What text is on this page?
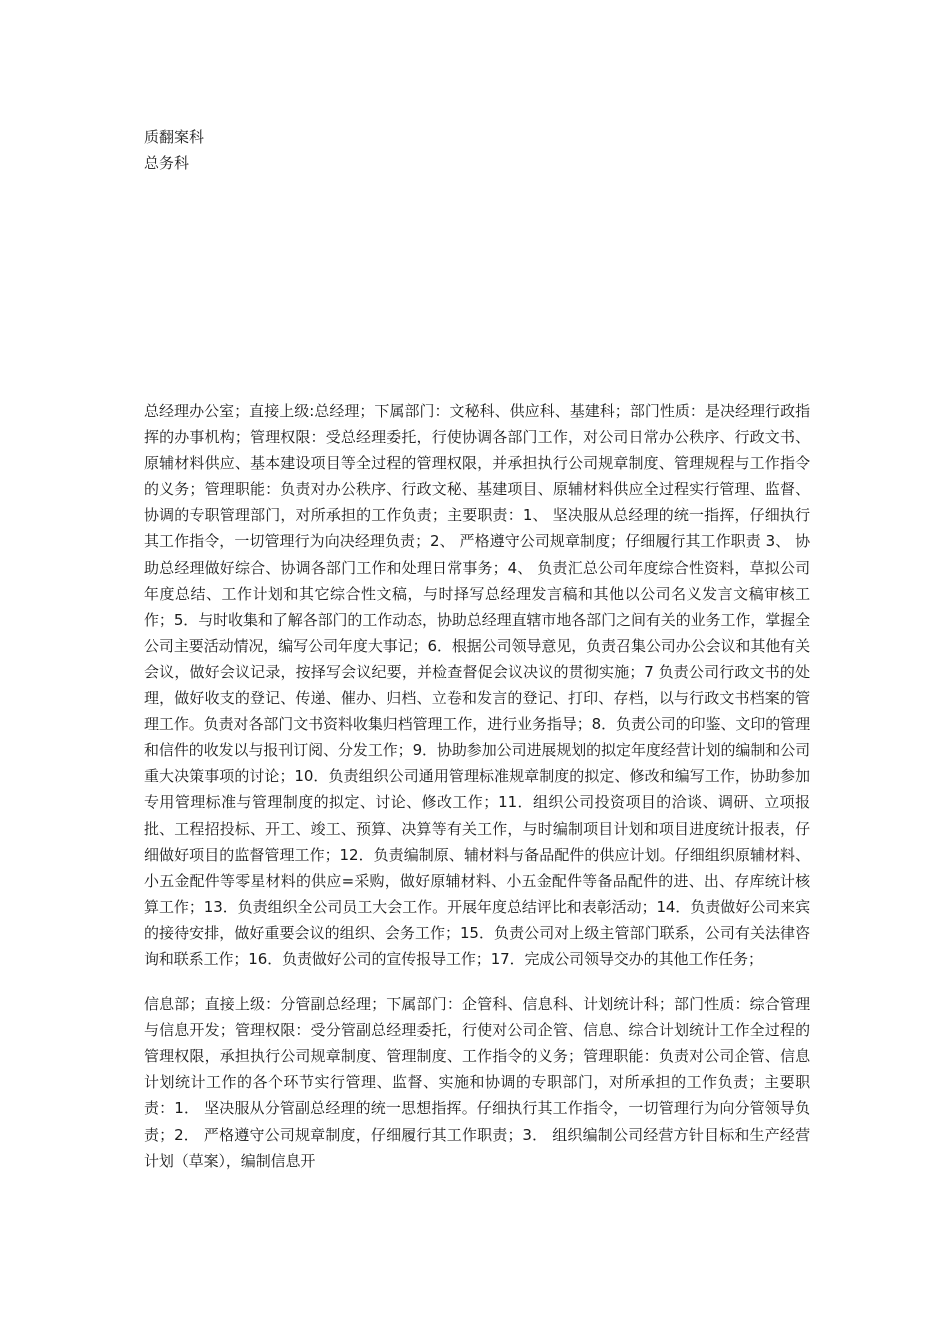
质翻案科
总务科

总经理办公室；直接上级:总经理；下属部门：文秘科、供应科、基建科；部门性质：是决经理行政指挥的办事机构；管理权限：受总经理委托，行使协调各部门工作，对公司日常办公秩序、行政文书、原辅材料供应、基本建设项目等全过程的管理权限，并承担执行公司规章制度、管理规程与工作指令的义务；管理职能：负责对办公秩序、行政文秘、基建项目、原辅材料供应全过程实行管理、监督、协调的专职管理部门，对所承担的工作负责；主要职责：1、 坚决服从总经理的统一指挥，仔细执行其工作指令，一切管理行为向决经理负责；2、 严格遵守公司规章制度；仔细履行其工作职责 3、 协助总经理做好综合、协调各部门工作和处理日常事务；4、 负责汇总公司年度综合性资料，草拟公司年度总结、工作计划和其它综合性文稿，与时择写总经理发言稿和其他以公司名义发言文稿审核工作；5．与时收集和了解各部门的工作动态，协助总经理直辖市地各部门之间有关的业务工作，掌握全公司主要活动情况，编写公司年度大事记；6．根据公司领导意见，负责召集公司办公会议和其他有关会议，做好会议记录，按择写会议纪要，并检查督促会议决议的贯彻实施；7 负责公司行政文书的处理，做好收支的登记、传递、催办、归档、立卷和发言的登记、打印、存档，以与行政文书档案的管理工作。负责对各部门文书资料收集归档管理工作，进行业务指导；8．负责公司的印鉴、文印的管理和信件的收发以与报刊订阅、分发工作；9．协助参加公司进展规划的拟定年度经营计划的编制和公司重大决策事项的讨论；10．负责组织公司通用管理标准规章制度的拟定、修改和编写工作，协助参加专用管理标准与管理制度的拟定、讨论、修改工作；11．组织公司投资项目的洽谈、调研、立项报批、工程招投标、开工、竣工、预算、决算等有关工作，与时编制项目计划和项目进度统计报表，仔细做好项目的监督管理工作；12．负责编制原、辅材料与备品配件的供应计划。仔细组织原辅材料、小五金配件等零星材料的供应=采购，做好原辅材料、小五金配件等备品配件的进、出、存库统计核算工作；13．负责组织全公司员工大会工作。开展年度总结评比和表彰活动；14．负责做好公司来宾的接待安排，做好重要会议的组织、会务工作；15．负责公司对上级主管部门联系，公司有关法律咨询和联系工作；16．负责做好公司的宣传报导工作；17．完成公司领导交办的其他工作任务；

信息部；直接上级：分管副总经理；下属部门：企管科、信息科、计划统计科；部门性质：综合管理与信息开发；管理权限：受分管副总经理委托，行使对公司企管、信息、综合计划统计工作全过程的管理权限，承担执行公司规章制度、管理制度、工作指令的义务；管理职能：负责对公司企管、信息计划统计工作的各个环节实行管理、监督、实施和协调的专职部门，对所承担的工作负责；主要职责：1． 坚决服从分管副总经理的统一思想指挥。仔细执行其工作指令，一切管理行为向分管领导负责；2． 严格遵守公司规章制度，仔细履行其工作职责；3． 组织编制公司经营方针目标和生产经营计划（草案），编制信息开
